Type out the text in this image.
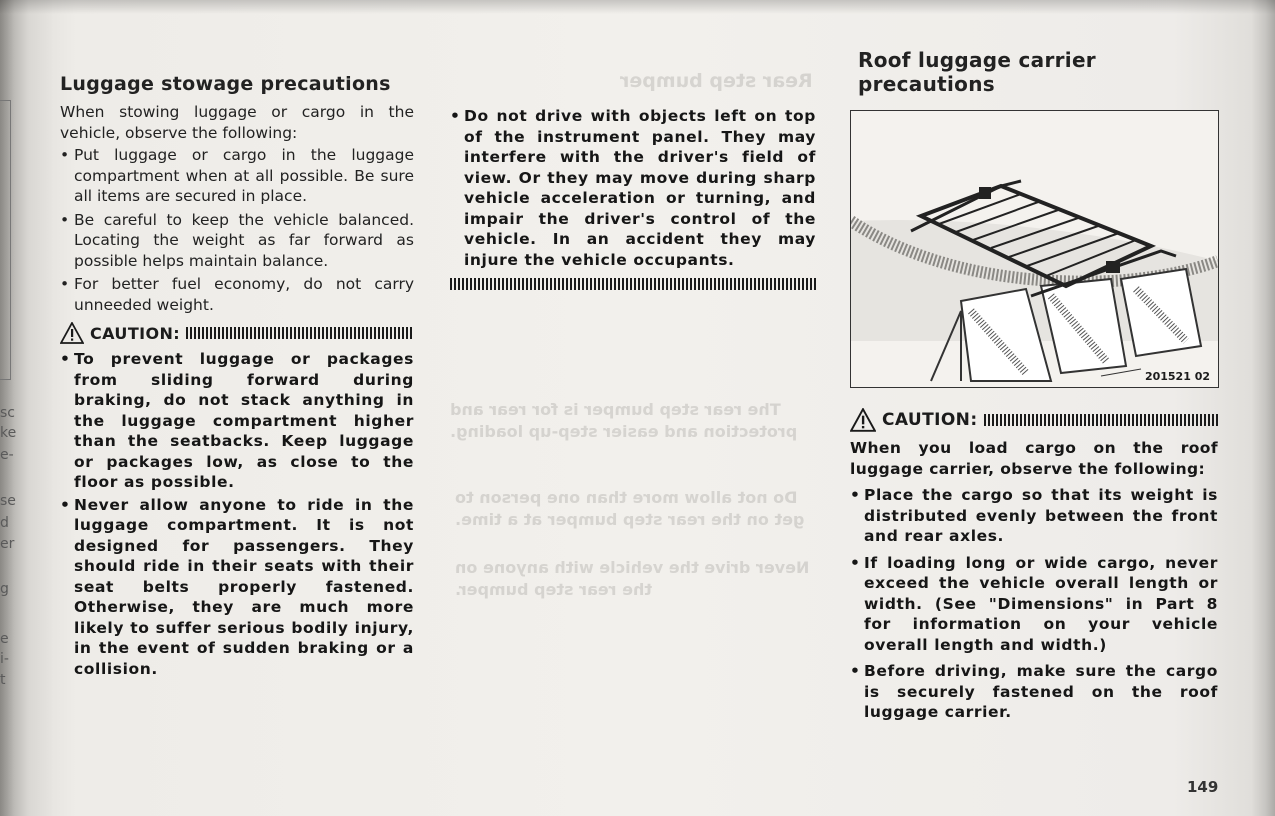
Rear step bumper
The rear step bumper is for rear and
protection and easier step-up loading.
Do not allow more than one person to
get on the rear step bumper at a time.
Never drive the vehicle with anyone on
the rear step bumper.
sc
ke
e-
se
d
er
g
e
i-
t
Luggage stowage precautions

When stowing luggage or cargo in the vehicle, observe the following:

• Put luggage or cargo in the luggage compartment when at all possible. Be sure all items are secured in place.
• Be careful to keep the vehicle balanced. Locating the weight as far forward as possible helps maintain balance.
• For better fuel economy, do not carry unneeded weight.
CAUTION:
• To prevent luggage or packages from sliding forward during braking, do not stack anything in the luggage compartment higher than the seatbacks. Keep luggage or packages low, as close to the floor as possible.
• Never allow anyone to ride in the luggage compartment. It is not designed for passengers. They should ride in their seats with their seat belts properly fastened. Otherwise, they are much more likely to suffer serious bodily injury, in the event of sudden braking or a collision.
• Do not drive with objects left on top of the instrument panel. They may interfere with the driver's field of view. Or they may move during sharp vehicle acceleration or turning, and impair the driver's control of the vehicle. In an accident they may injure the vehicle occupants.
Roof luggage carrier
precautions
201521 02
CAUTION:

When you load cargo on the roof luggage carrier, observe the following:

• Place the cargo so that its weight is distributed evenly between the front and rear axles.
• If loading long or wide cargo, never exceed the vehicle overall length or width. (See "Dimensions" in Part 8 for information on your vehicle overall length and width.)
• Before driving, make sure the cargo is securely fastened on the roof luggage carrier.
149
